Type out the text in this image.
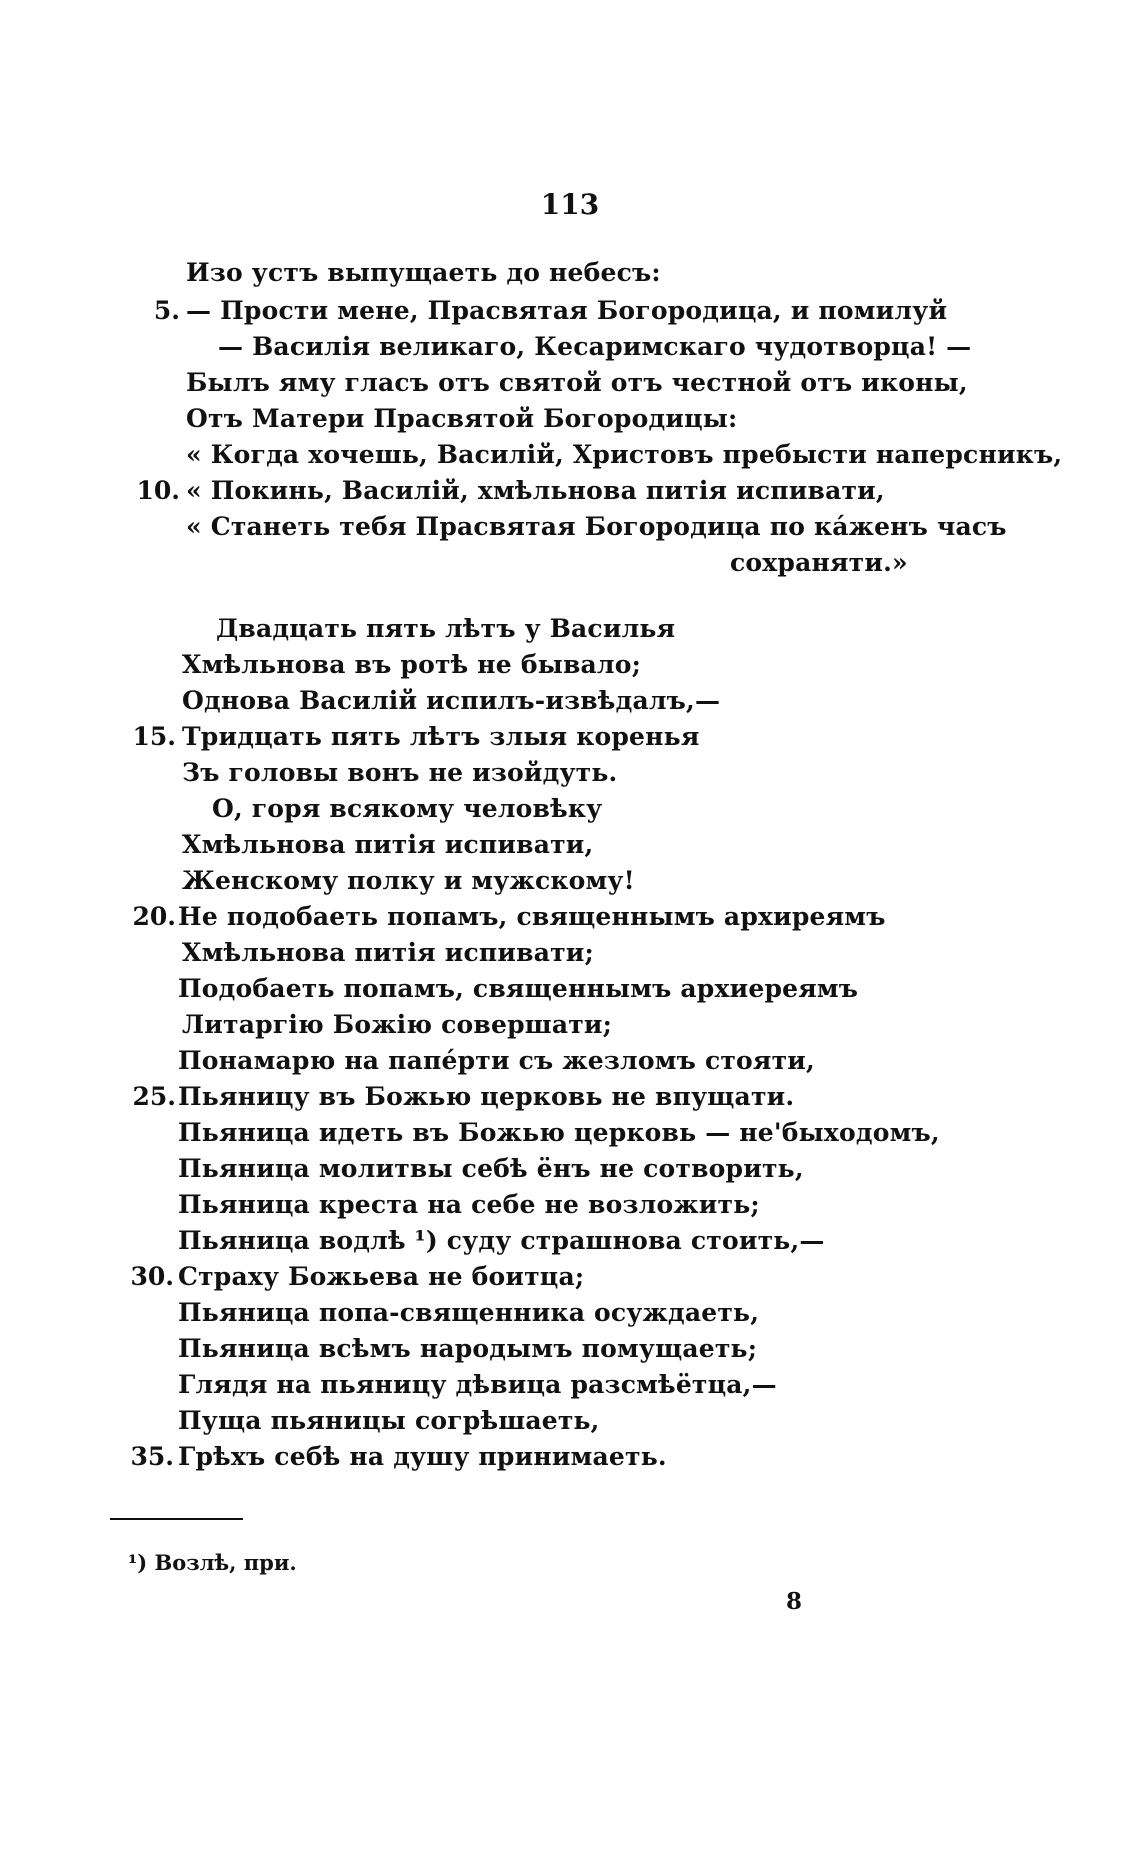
113
Изо устъ выпущаеть до небесъ:
5. — Прости мене, Прасвятая Богородица, и помилуй
— Василія великаго, Кесаримскаго чудотворца! —
Былъ яму гласъ отъ святой отъ честной отъ иконы,
Отъ Матери Прасвятой Богородицы:
« Когда хочешь, Василій, Христовъ пребысти наперсникъ,
10. « Покинь, Василій, хмѣльнова питія испивати,
« Станеть тебя Прасвятая Богородица по кáженъ часъ
сохраняти.»
Двадцать пять лѣтъ у Василья
Хмѣльнова въ ротѣ не бывало;
Однова Василій испилъ-извѣдалъ,—
15. Тридцать пять лѣтъ злыя коренья
Зъ головы вонъ не изойдуть.
О, горя всякому человѣку
Хмѣльнова питія испивати,
Женскому полку и мужскому!
20. Не подобаеть попамъ, священнымъ архиреямъ
Хмѣльнова питія испивати;
Подобаеть попамъ, священнымъ архиереямъ
Литаргію Божію совершати;
Понамарю на папéрти съ жезломъ стояти,
25. Пьяницу въ Божью церковь не впущати.
Пьяница идеть въ Божью церковь — не'быходомъ,
Пьяница молитвы себѣ ёнъ не сотворить,
Пьяница креста на себе не возложить;
Пьяница водлѣ ¹) суду страшнова стоить,—
30. Страху Божьева не боитца;
Пьяница попа-священника осуждаеть,
Пьяница всѣмъ народымъ помущаеть;
Глядя на пьяницу дѣвица разсмѣётца,—
Пуща пьяницы согрѣшаеть,
35. Грѣхъ себѣ на душу принимаеть.
¹) Возлѣ, при.
8
